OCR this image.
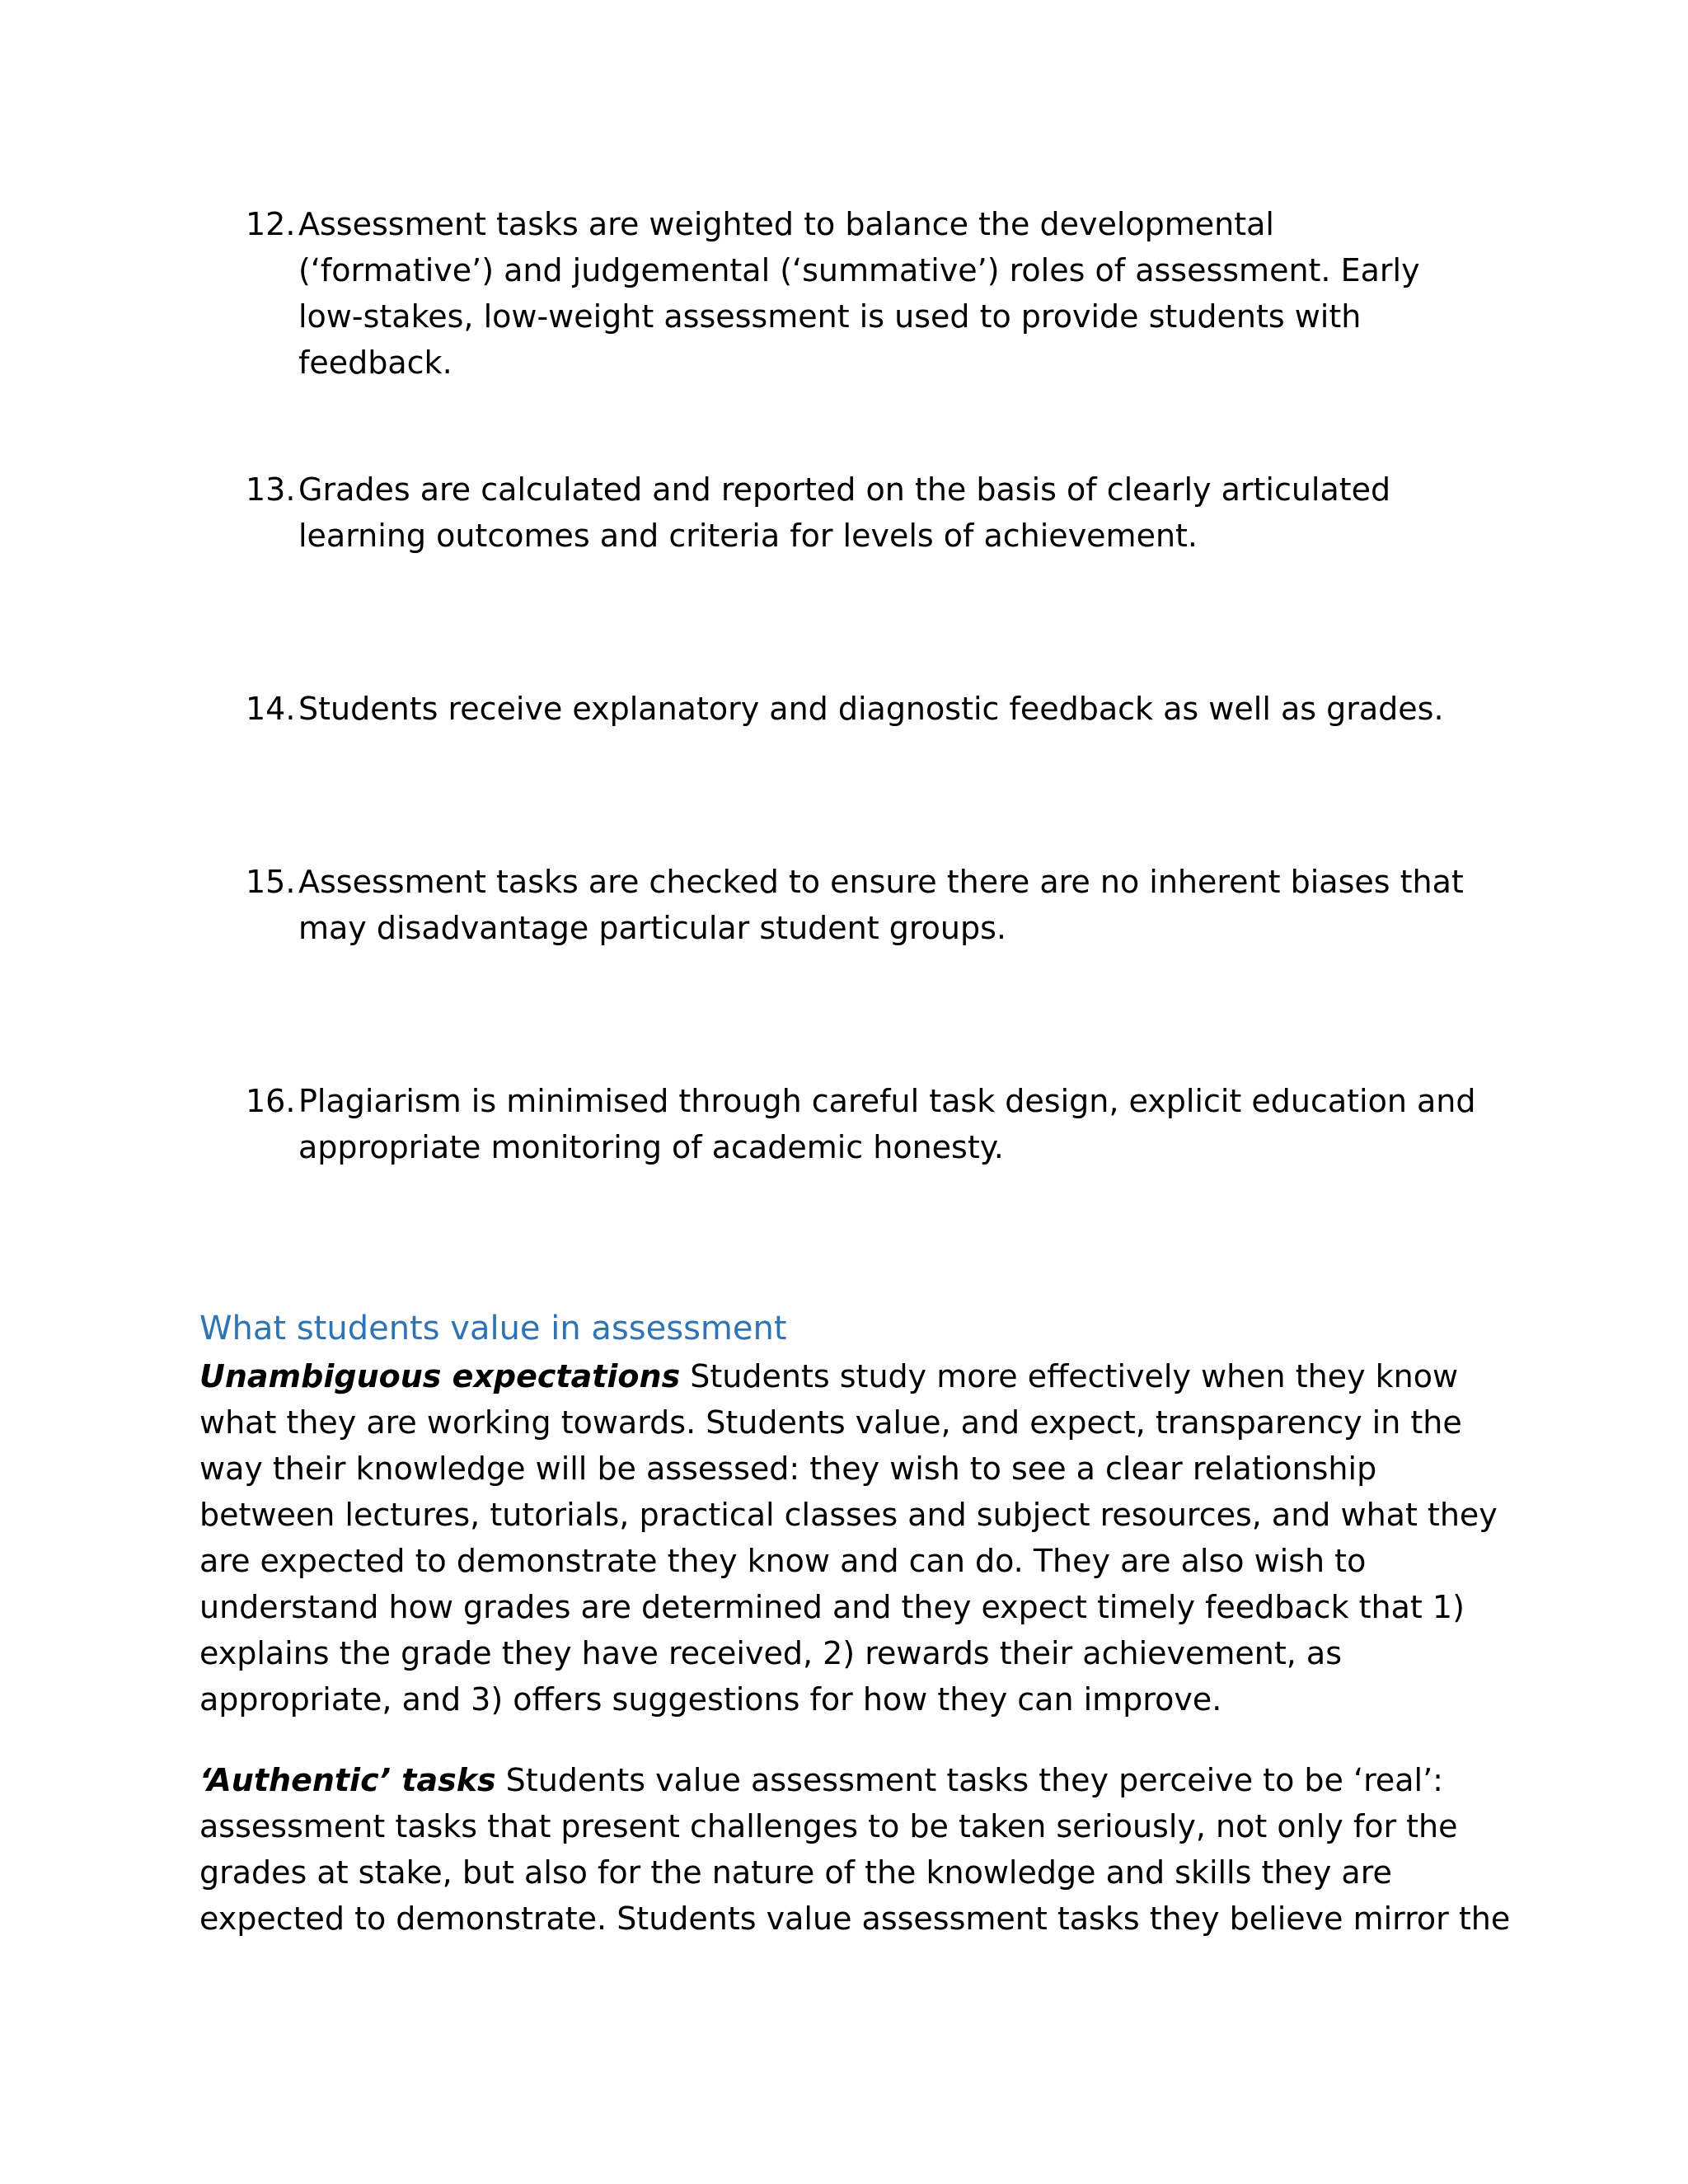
12. Assessment tasks are weighted to balance the developmental (‘formative’) and judgemental (‘summative’) roles of assessment. Early low-stakes, low-weight assessment is used to provide students with feedback.
13. Grades are calculated and reported on the basis of clearly articulated learning outcomes and criteria for levels of achievement.
14. Students receive explanatory and diagnostic feedback as well as grades.
15. Assessment tasks are checked to ensure there are no inherent biases that may disadvantage particular student groups.
16. Plagiarism is minimised through careful task design, explicit education and appropriate monitoring of academic honesty.
What students value in assessment

Unambiguous expectations Students study more effectively when they know what they are working towards. Students value, and expect, transparency in the way their knowledge will be assessed: they wish to see a clear relationship between lectures, tutorials, practical classes and subject resources, and what they are expected to demonstrate they know and can do. They are also wish to understand how grades are determined and they expect timely feedback that 1) explains the grade they have received, 2) rewards their achievement, as appropriate, and 3) offers suggestions for how they can improve.

‘Authentic’ tasks Students value assessment tasks they perceive to be ‘real’: assessment tasks that present challenges to be taken seriously, not only for the grades at stake, but also for the nature of the knowledge and skills they are expected to demonstrate. Students value assessment tasks they believe mirror the
